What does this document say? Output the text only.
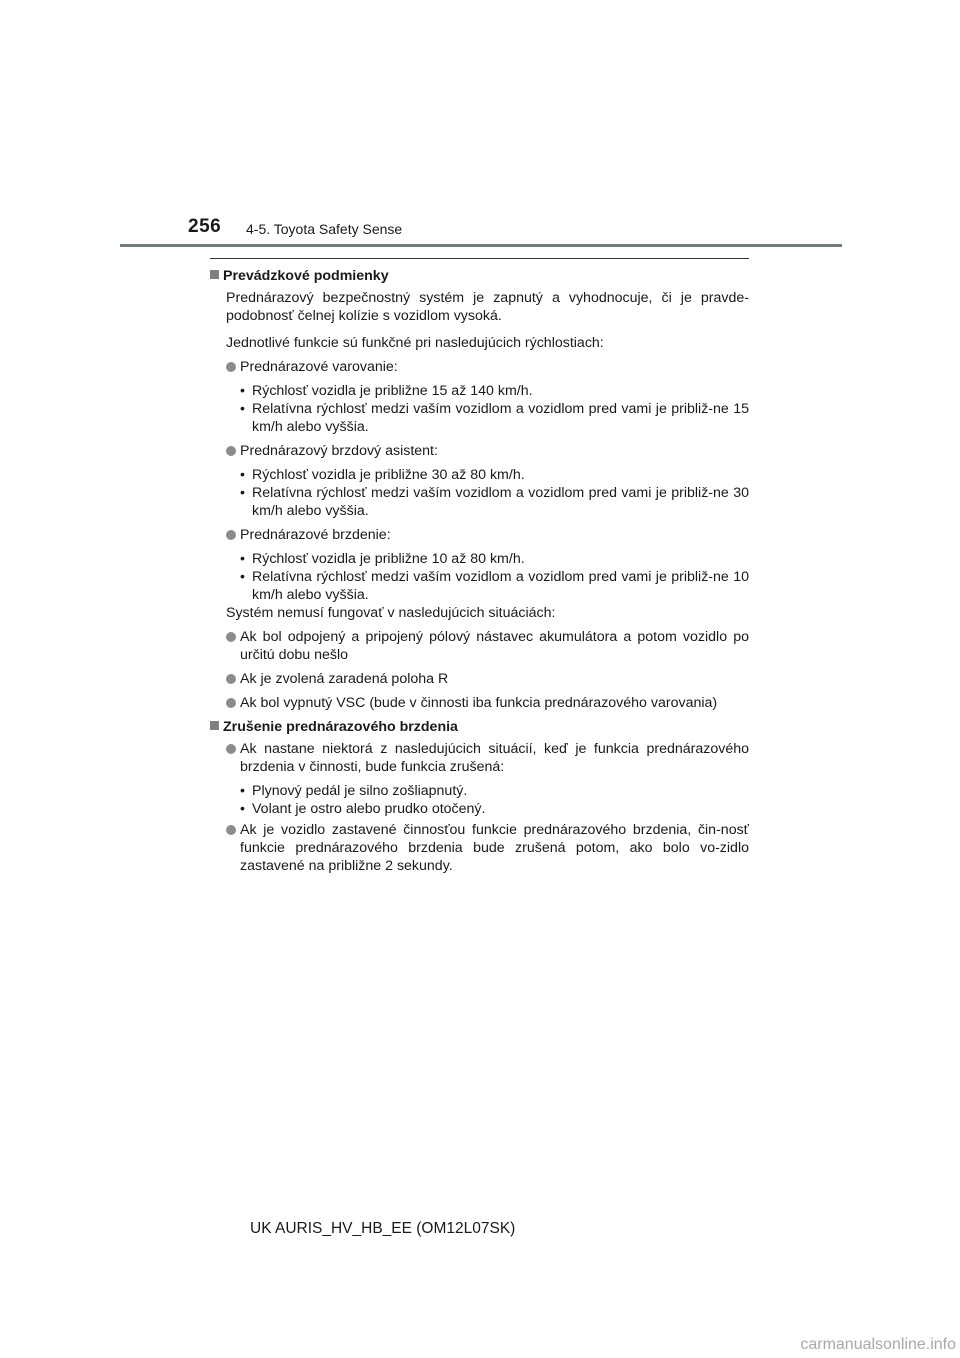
256 4-5. Toyota Safety Sense
Prevádzkové podmienky
Prednárazový bezpečnostný systém je zapnutý a vyhodnocuje, či je pravde-podobnosť čelnej kolízie s vozidlom vysoká.
Jednotlivé funkcie sú funkčné pri nasledujúcich rýchlostiach:
Prednárazové varovanie:
• Rýchlosť vozidla je približne 15 až 140 km/h.
• Relatívna rýchlosť medzi vaším vozidlom a vozidlom pred vami je približ-ne 15 km/h alebo vyššia.
Prednárazový brzdový asistent:
• Rýchlosť vozidla je približne 30 až 80 km/h.
• Relatívna rýchlosť medzi vaším vozidlom a vozidlom pred vami je približ-ne 30 km/h alebo vyššia.
Prednárazové brzdenie:
• Rýchlosť vozidla je približne 10 až 80 km/h.
• Relatívna rýchlosť medzi vaším vozidlom a vozidlom pred vami je približ-ne 10 km/h alebo vyššia.
Systém nemusí fungovať v nasledujúcich situáciách:
Ak bol odpojený a pripojený pólový nástavec akumulátora a potom vozidlo po určitú dobu nešlo
Ak je zvolená zaradená poloha R
Ak bol vypnutý VSC (bude v činnosti iba funkcia prednárazového varovania)
Zrušenie prednárazového brzdenia
Ak nastane niektorá z nasledujúcich situácií, keď je funkcia prednárazového brzdenia v činnosti, bude funkcia zrušená:
• Plynový pedál je silno zošliapnutý.
• Volant je ostro alebo prudko otočený.
Ak je vozidlo zastavené činnosťou funkcie prednárazového brzdenia, čin-nosť funkcie prednárazového brzdenia bude zrušená potom, ako bolo vo-zidlo zastavené na približne 2 sekundy.
UK AURIS_HV_HB_EE (OM12L07SK)
carmanualsonline.info
